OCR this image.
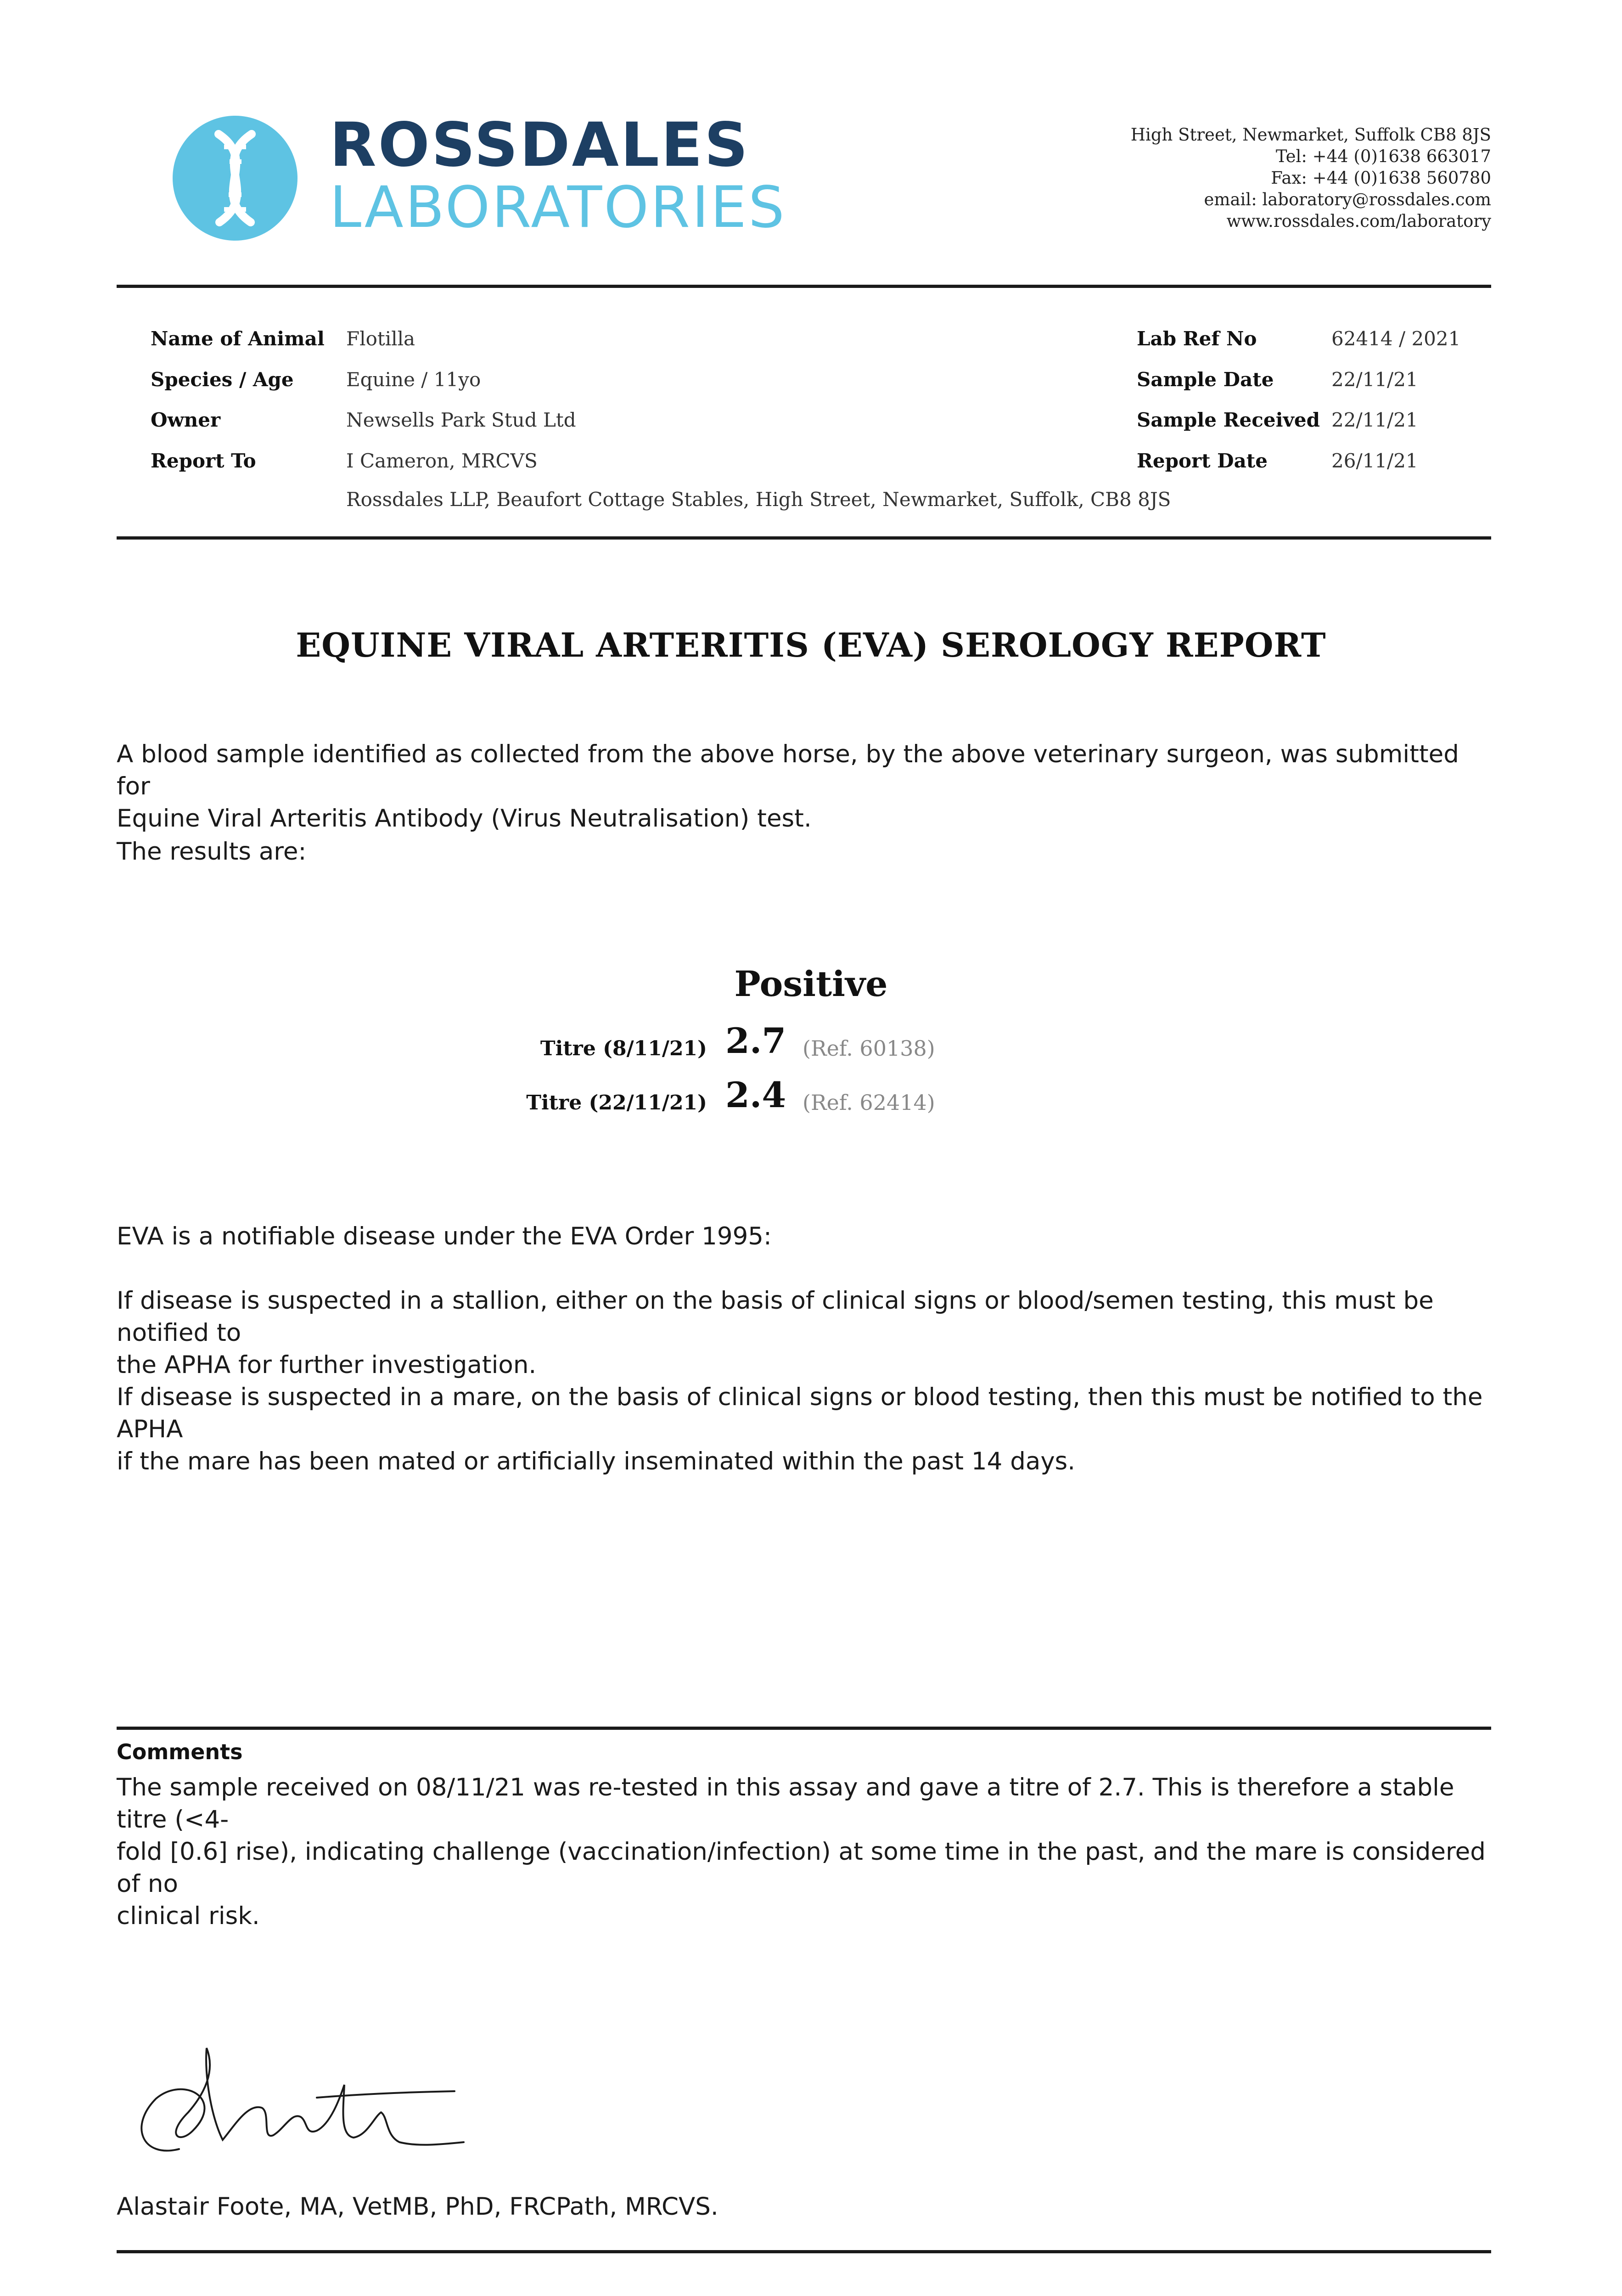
ROSSDALES
LABORATORIES
High Street, Newmarket, Suffolk CB8 8JS
Tel: +44 (0)1638 663017
Fax: +44 (0)1638 560780
email: laboratory@rossdales.com
www.rossdales.com/laboratory
Name of Animal Flotilla
Species / Age	Equine / 11yo
Owner	Newsells Park Stud Ltd
Report To	I Cameron, MRCVS
Rossdales LLP, Beaufort Cottage Stables, High Street, Newmarket, Suffolk, CB8 8JS
Lab Ref No	62414 / 2021
Sample Date	22/11/21
Sample Received 22/11/21
Report Date	26/11/21
EQUINE VIRAL ARTERITIS (EVA) SEROLOGY REPORT
A blood sample identified as collected from the above horse, by the above veterinary surgeon, was submitted for
Equine Viral Arteritis Antibody (Virus Neutralisation) test.
The results are:
Positive
Titre (8/11/21) 2.7 (Ref. 60138)
Titre (22/11/21) 2.4 (Ref. 62414)
EVA is a notifiable disease under the EVA Order 1995:
If disease is suspected in a stallion, either on the basis of clinical signs or blood/semen testing, this must be notified to
the APHA for further investigation.
If disease is suspected in a mare, on the basis of clinical signs or blood testing, then this must be notified to the APHA
if the mare has been mated or artificially inseminated within the past 14 days.
Comments
The sample received on 08/11/21 was re-tested in this assay and gave a titre of 2.7. This is therefore a stable titre (<4-
fold [0.6] rise), indicating challenge (vaccination/infection) at some time in the past, and the mare is considered of no
clinical risk.
Alastair Foote, MA, VetMB, PhD, FRCPath, MRCVS.
